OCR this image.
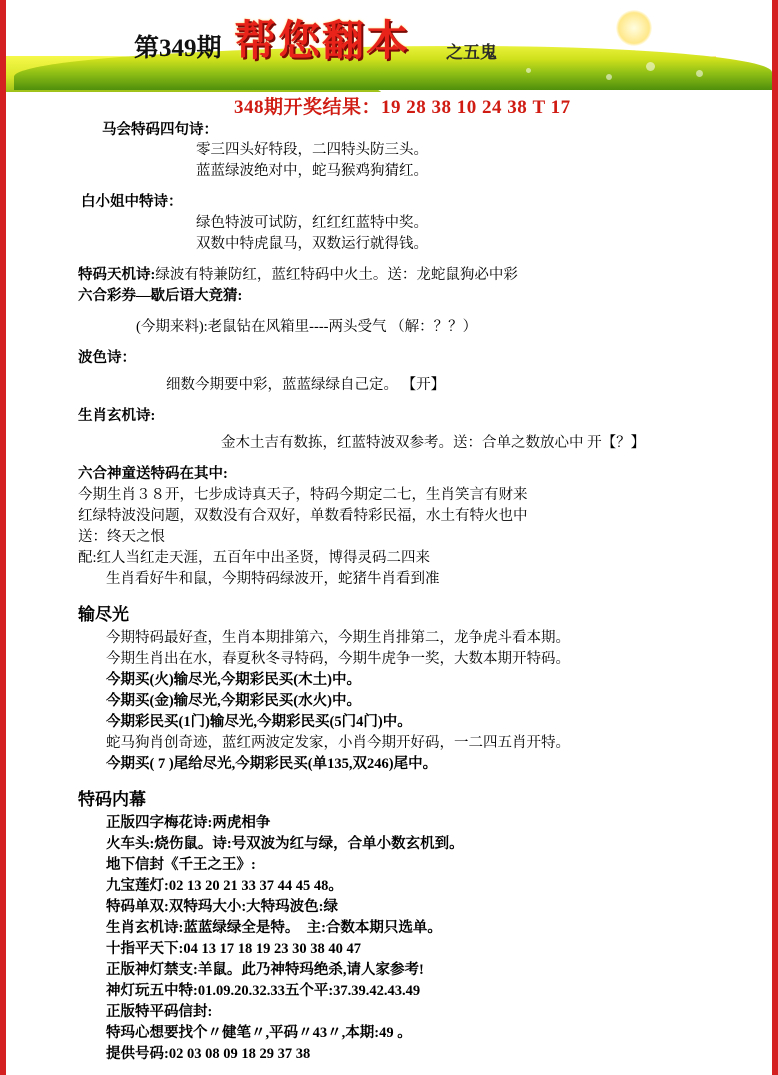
第349期 帮您翻本 之五鬼
348期开奖结果：19 28 38 10 24 38 T 17
马会特码四句诗：
零三四头好特段，二四特头防三头。
蓝蓝绿波绝对中，蛇马猴鸡狗猜红。
白小姐中特诗：
绿色特波可试防，红红红蓝特中奖。
双数中特虎鼠马，双数运行就得钱。
特码天机诗:绿波有特兼防红，蓝红特码中火土。送：龙蛇鼠狗必中彩
六合彩券—歇后语大竞猜:
(今期来料):老鼠钻在风箱里----两头受气 （解：？？）
波色诗：
细数今期要中彩，蓝蓝绿绿自己定。 【开】
生肖玄机诗:
金木土吉有数拣，红蓝特波双参考。送：合单之数放心中 开【？】
六合神童送特码在其中:
今期生肖３８开，七步成诗真天子，特码今期定二七，生肖笑言有财来
红绿特波没问题，双数没有合双好，单数看特彩民福，水土有特火也中
送：终天之恨
配:红人当红走天涯，五百年中出圣贤，博得灵码二四来
生肖看好牛和鼠，今期特码绿波开，蛇猪牛肖看到准
输尽光
今期特码最好查，生肖本期排第六，今期生肖排第二，龙争虎斗看本期。
今期生肖出在水，春夏秋冬寻特码，今期牛虎争一奖，大数本期开特码。
今期买(火)输尽光,今期彩民买(木土)中。
今期买(金)输尽光,今期彩民买(水火)中。
今期彩民买(1门)输尽光,今期彩民买(5门4门)中。
蛇马狗肖创奇迹，蓝红两波定发家，小肖今期开好码，一二四五肖开特。
今期买( 7 )尾给尽光,今期彩民买(单135,双246)尾中。
特码内幕
正版四字梅花诗:两虎相争
火车头:烧伤鼠。诗:号双波为红与绿，合单小数玄机到。
地下信封《千王之王》:
九宝莲灯:02 13 20 21 33 37 44 45 48。
特码单双:双特玛大小:大特玛波色:绿
生肖玄机诗:蓝蓝绿绿全是特。　主:合数本期只选单。
十指平天下:04 13 17 18 19 23 30 38 40 47
正版神灯禁支:羊鼠。此乃神特玛绝杀,请人家参考!
神灯玩五中特:01.09.20.32.33五个平:37.39.42.43.49
正版特平码信封:
特玛心想要找个〃健笔〃,平码〃43〃,本期:49 。
提供号码:02 03 08 09 18 29 37 38
